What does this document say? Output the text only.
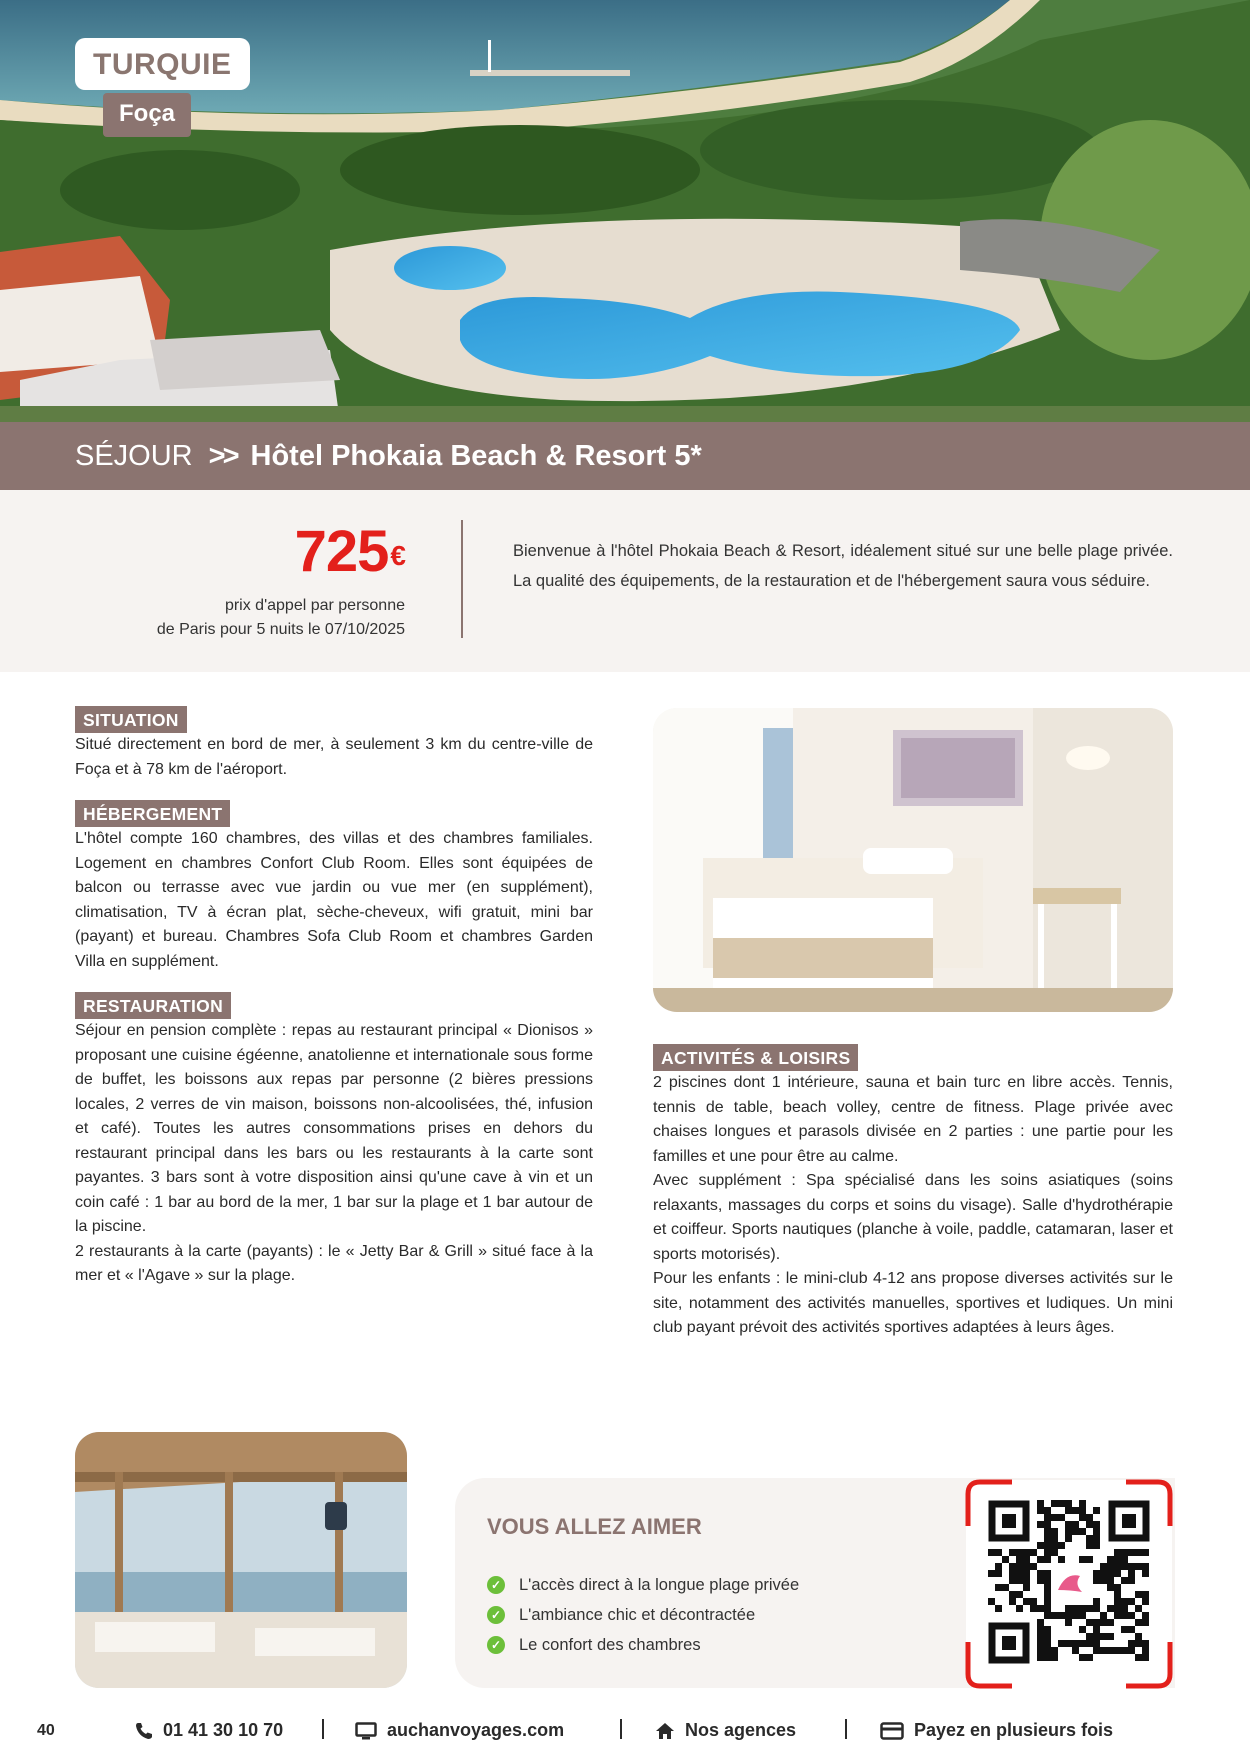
TURQUIE
Foça
SÉJOUR >> Hôtel Phokaia Beach & Resort 5*
725€
prix d'appel par personne
de Paris pour 5 nuits le 07/10/2025
Bienvenue à l'hôtel Phokaia Beach & Resort, idéalement situé sur une belle plage privée. La qualité des équipements, de la restauration et de l'hébergement saura vous séduire.
SITUATION
Situé directement en bord de mer, à seulement 3 km du centre-ville de Foça et à 78 km de l'aéroport.
HÉBERGEMENT
L'hôtel compte 160 chambres, des villas et des chambres familiales. Logement en chambres Confort Club Room. Elles sont équipées de balcon ou terrasse avec vue jardin ou vue mer (en supplément), climatisation, TV à écran plat, sèche-cheveux, wifi gratuit, mini bar (payant) et bureau. Chambres Sofa Club Room et chambres Garden Villa en supplément.
RESTAURATION

Séjour en pension complète : repas au restaurant principal « Dionisos » proposant une cuisine égéenne, anatolienne et internationale sous forme de buffet, les boissons aux repas par personne (2 bières pressions locales, 2 verres de vin maison, boissons non-alcoolisées, thé, infusion et café). Toutes les autres consommations prises en dehors du restaurant principal dans les bars ou les restaurants à la carte sont payantes. 3 bars sont à votre disposition ainsi qu'une cave à vin et un coin café : 1 bar au bord de la mer, 1 bar sur la plage et 1 bar autour de la piscine.

2 restaurants à la carte (payants) : le « Jetty Bar & Grill » situé face à la mer et « l'Agave » sur la plage.

ACTIVITÉS & LOISIRS

2 piscines dont 1 intérieure, sauna et bain turc en libre accès. Tennis, tennis de table, beach volley, centre de fitness. Plage privée avec chaises longues et parasols divisée en 2 parties : une partie pour les familles et une pour être au calme.

Avec supplément : Spa spécialisé dans les soins asiatiques (soins relaxants, massages du corps et soins du visage). Salle d'hydrothérapie et coiffeur. Sports nautiques (planche à voile, paddle, catamaran, laser et sports motorisés).

Pour les enfants : le mini-club 4-12 ans propose diverses activités sur le site, notamment des activités manuelles, sportives et ludiques. Un mini club payant prévoit des activités sportives adaptées à leurs âges.

VOUS ALLEZ AIMER
✓ L'accès direct à la longue plage privée
✓ L'ambiance chic et décontractée
✓ Le confort des chambres
40	01 41 30 10 70	auchanvoyages.com	Nos agences	Payez en plusieurs fois
